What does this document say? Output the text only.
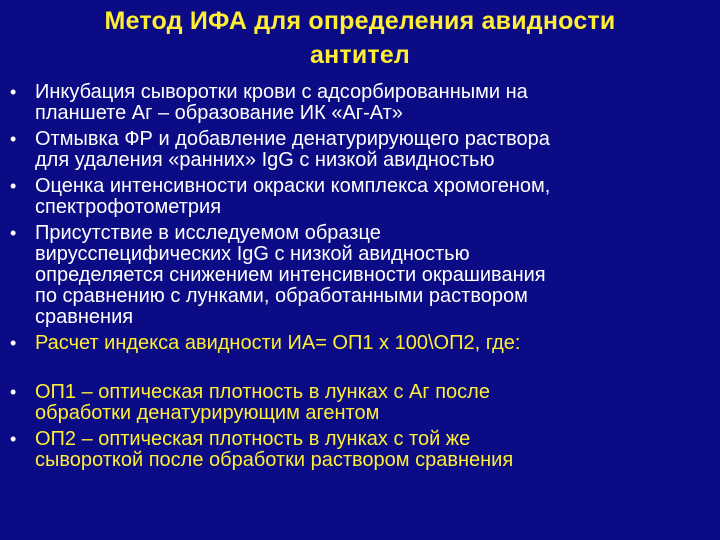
Метод ИФА для определения авидности
антител
• Инкубация сыворотки крови с адсорбированными на
планшете Аг – образование ИК «Аг-Ат»
• Отмывка ФР и добавление денатурирующего раствора
для удаления «ранних» IgG с низкой авидностью
• Оценка интенсивности окраски комплекса хромогеном,
спектрофотометрия
• Присутствие в исследуемом образце
вирусспецифических IgG с низкой авидностью
определяется снижением интенсивности окрашивания
по сравнению с лунками, обработанными раствором
сравнения
• Расчет индекса авидности ИА= ОП1 х 100\ОП2, где:
• ОП1 – оптическая плотность в лунках с Аг после
обработки денатурирующим агентом
• ОП2 – оптическая плотность в лунках с той же
сывороткой после обработки раствором сравнения
